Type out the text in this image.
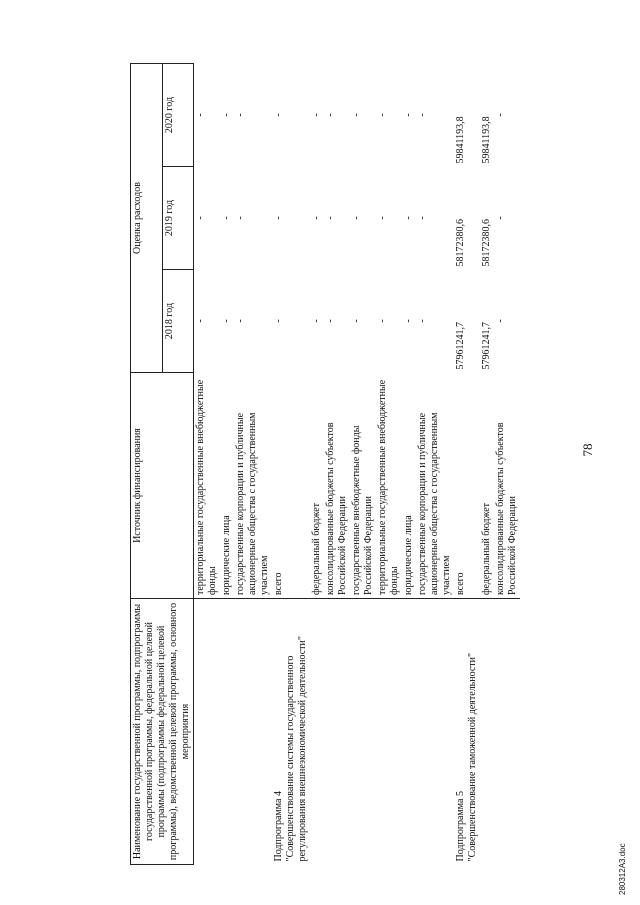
78
Наименование государственной программы, подпрограммы государственной программы, федеральной целевой программы (подпрограммы федеральной целевой программы), ведомственной целевой программы, основного мероприятия	Источник финансирования	Оценка расходов		
		2018 год	2019 год	2020 год
	территориальные государственные внебюджетные фонды	-	-	-
	юридические лица	-	-	-
	государственные корпорации и публичные акционерные общества с государственным участием	-	-	-

Подпрограмма 4 "Совершенствование системы государственного регулирования внешнеэкономической деятельности"	всего	-	-	-
	федеральный бюджет	-	-	-
	консолидированные бюджеты субъектов Российской Федерации	-	-	-
	государственные внебюджетные фонды Российской Федерации	-	-	-
	территориальные государственные внебюджетные фонды	-	-	-
	юридические лица	-	-	-
	государственные корпорации и публичные акционерные общества с государственным участием	-	-	-

Подпрограмма 5 "Совершенствование таможенной деятельности"	всего	57961241,7	58172380,6	59841193,8
	федеральный бюджет	57961241,7	58172380,6	59841193,8
	консолидированные бюджеты субъектов Российской Федерации	-	-	-
280312А3.doc
